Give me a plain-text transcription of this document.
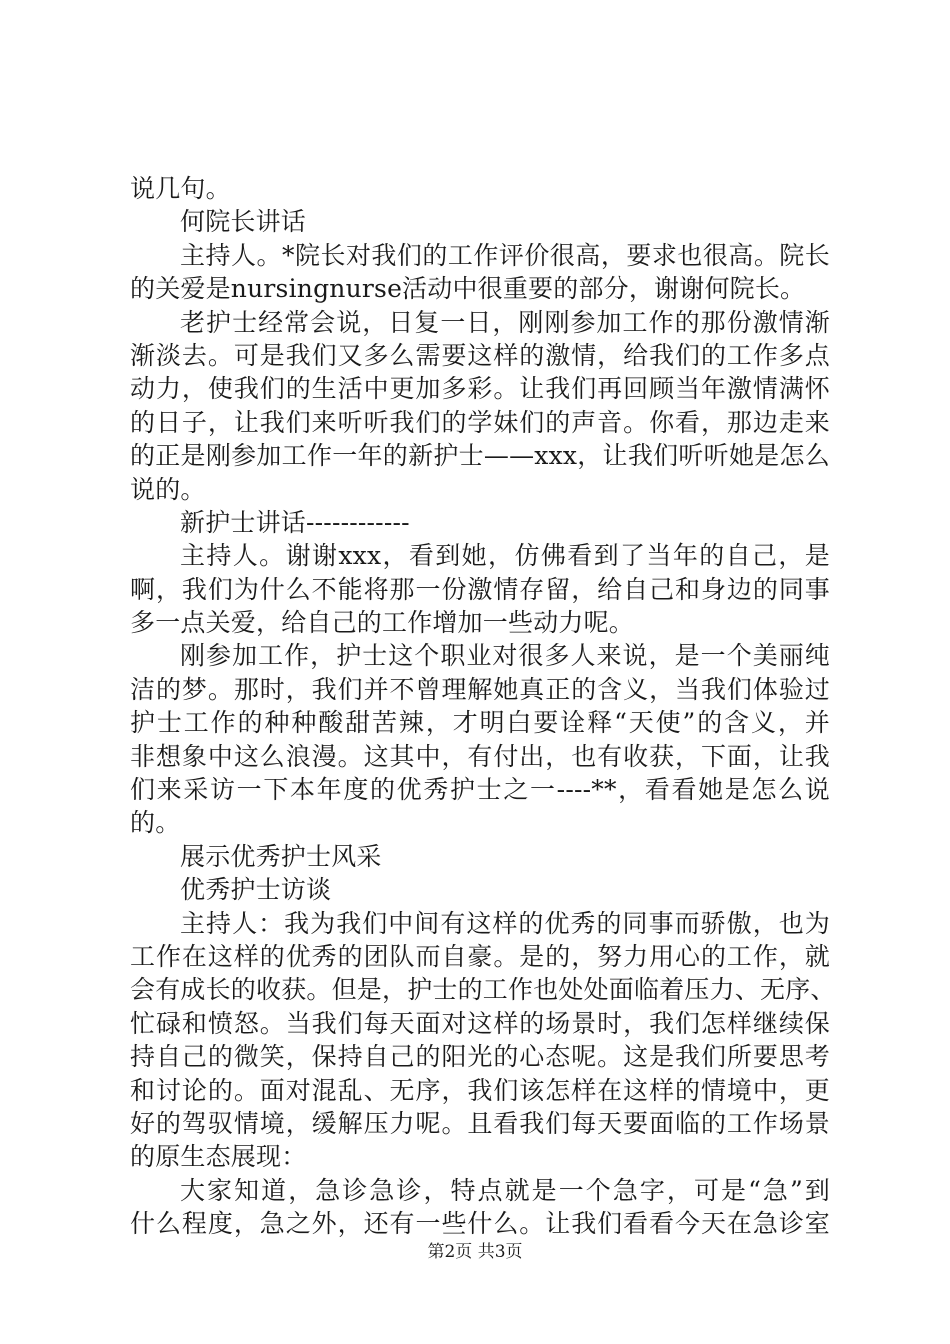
说几句。
何院长讲话
主持人。*院长对我们的工作评价很高，要求也很高。院长
的关爱是nursingnurse活动中很重要的部分，谢谢何院长。
老护士经常会说，日复一日，刚刚参加工作的那份激情渐
渐淡去。可是我们又多么需要这样的激情，给我们的工作多点
动力，使我们的生活中更加多彩。让我们再回顾当年激情满怀
的日子，让我们来听听我们的学妹们的声音。你看，那边走来
的正是刚参加工作一年的新护士——xxx，让我们听听她是怎么
说的。
新护士讲话------------
主持人。谢谢xxx，看到她，仿佛看到了当年的自己，是
啊，我们为什么不能将那一份激情存留，给自己和身边的同事
多一点关爱，给自己的工作增加一些动力呢。
刚参加工作，护士这个职业对很多人来说，是一个美丽纯
洁的梦。那时，我们并不曾理解她真正的含义，当我们体验过
护士工作的种种酸甜苦辣，才明白要诠释“天使”的含义，并
非想象中这么浪漫。这其中，有付出，也有收获，下面，让我
们来采访一下本年度的优秀护士之一----**，看看她是怎么说
的。
展示优秀护士风采
优秀护士访谈
主持人：我为我们中间有这样的优秀的同事而骄傲，也为
工作在这样的优秀的团队而自豪。是的，努力用心的工作，就
会有成长的收获。但是，护士的工作也处处面临着压力、无序、
忙碌和愤怒。当我们每天面对这样的场景时，我们怎样继续保
持自己的微笑，保持自己的阳光的心态呢。这是我们所要思考
和讨论的。面对混乱、无序，我们该怎样在这样的情境中，更
好的驾驭情境，缓解压力呢。且看我们每天要面临的工作场景
的原生态展现：
大家知道，急诊急诊，特点就是一个急字，可是“急”到
什么程度，急之外，还有一些什么。让我们看看今天在急诊室
第2页 共3页
